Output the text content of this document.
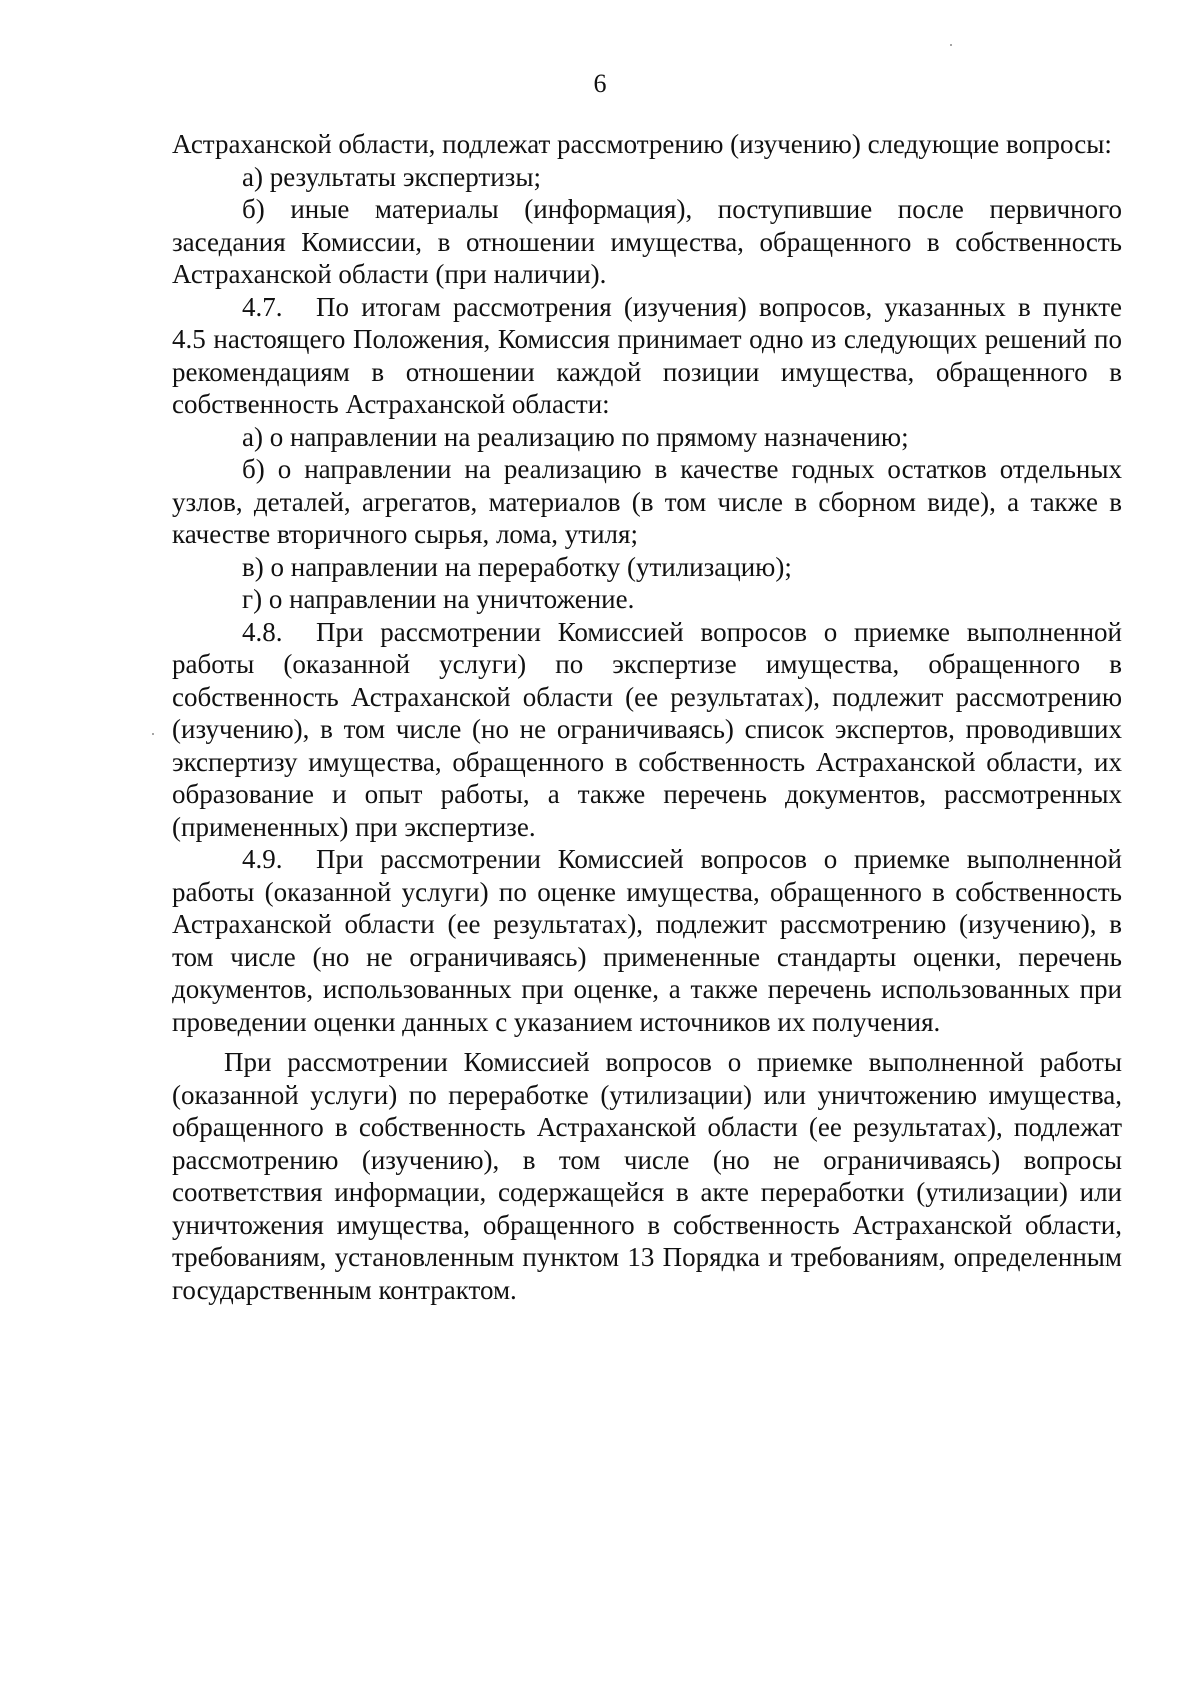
6

Астраханской области, подлежат рассмотрению (изучению) следующие вопросы:

а) результаты экспертизы;

б) иные материалы (информация), поступившие после первичного заседания Комиссии, в отношении имущества, обращенного в собственность Астраханской области (при наличии).

4.7. По итогам рассмотрения (изучения) вопросов, указанных в пункте 4.5 настоящего Положения, Комиссия принимает одно из следующих решений по рекомендациям в отношении каждой позиции имущества, обращенного в собственность Астраханской области:

а) о направлении на реализацию по прямому назначению;

б) о направлении на реализацию в качестве годных остатков отдельных узлов, деталей, агрегатов, материалов (в том числе в сборном виде), а также в качестве вторичного сырья, лома, утиля;

в) о направлении на переработку (утилизацию);

г) о направлении на уничтожение.

4.8. При рассмотрении Комиссией вопросов о приемке выполненной работы (оказанной услуги) по экспертизе имущества, обращенного в собственность Астраханской области (ее результатах), подлежит рассмотрению (изучению), в том числе (но не ограничиваясь) список экспертов, проводивших экспертизу имущества, обращенного в собственность Астраханской области, их образование и опыт работы, а также перечень документов, рассмотренных (примененных) при экспертизе.

4.9. При рассмотрении Комиссией вопросов о приемке выполненной работы (оказанной услуги) по оценке имущества, обращенного в собственность Астраханской области (ее результатах), подлежит рассмотрению (изучению), в том числе (но не ограничиваясь) примененные стандарты оценки, перечень документов, использованных при оценке, а также перечень использованных при проведении оценки данных с указанием источников их получения.

При рассмотрении Комиссией вопросов о приемке выполненной работы (оказанной услуги) по переработке (утилизации) или уничтожению имущества, обращенного в собственность Астраханской области (ее результатах), подлежат рассмотрению (изучению), в том числе (но не ограничиваясь) вопросы соответствия информации, содержащейся в акте переработки (утилизации) или уничтожения имущества, обращенного в собственность Астраханской области, требованиям, установленным пунктом 13 Порядка и требованиям, определенным государственным контрактом.
